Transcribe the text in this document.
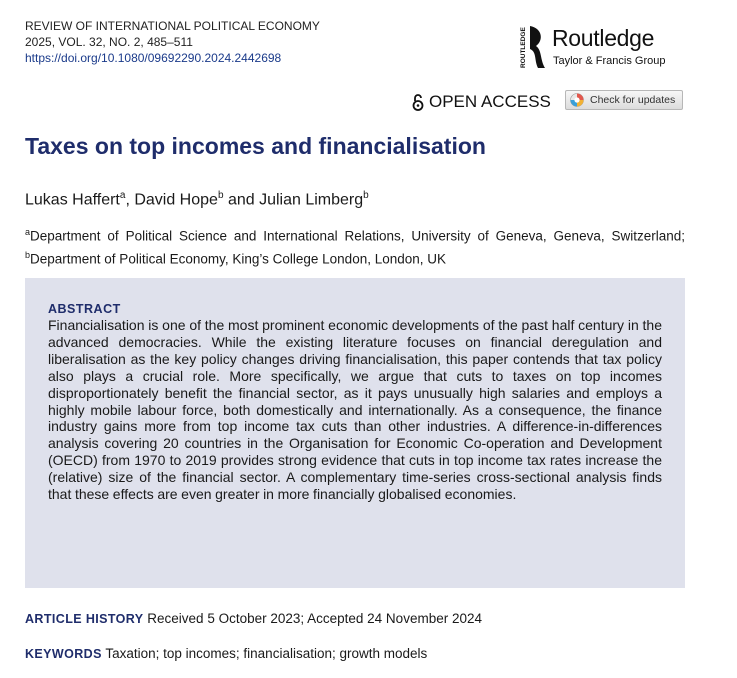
REVIEW OF INTERNATIONAL POLITICAL ECONOMY
2025, VOL. 32, NO. 2, 485–511
https://doi.org/10.1080/09692290.2024.2442698	ROUTLEDGE Routledge
Taylor & Francis Group
OPEN ACCESS	Check for updates
Taxes on top incomes and financialisation
Lukas Haffert$^a$, David Hope$^b$ and Julian Limberg$^b$
$^a$Department of Political Science and International Relations, University of Geneva, Geneva, Switzerland; $^b$Department of Political Economy, King’s College London, London, UK
ABSTRACT
Financialisation is one of the most prominent economic developments of the past half century in the advanced democracies. While the existing literature focuses on financial deregulation and liberalisation as the key policy changes driving financialisation, this paper contends that tax policy also plays a crucial role. More specifically, we argue that cuts to taxes on top incomes disproportionately benefit the financial sector, as it pays unusually high salaries and employs a highly mobile labour force, both domestically and internationally. As a consequence, the finance industry gains more from top income tax cuts than other industries. A difference-in-differences analysis covering 20 countries in the Organisation for Economic Co-operation and Development (OECD) from 1970 to 2019 provides strong evidence that cuts in top income tax rates increase the (relative) size of the financial sector. A complementary time-series cross-sectional analysis finds that these effects are even greater in more financially globalised economies.
ARTICLE HISTORY Received 5 October 2023; Accepted 24 November 2024
KEYWORDS Taxation; top incomes; financialisation; growth models
